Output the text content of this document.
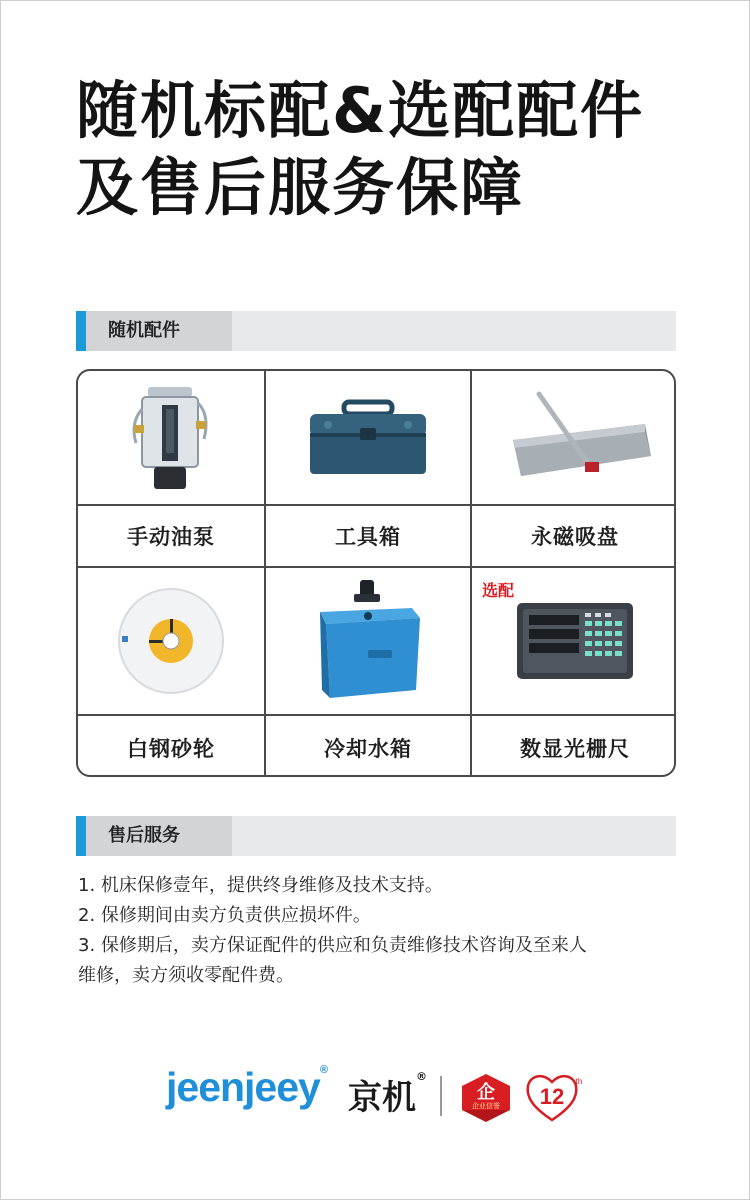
随机标配&选配配件
及售后服务保障
随机配件
手动油泵	工具箱	永磁吸盘
选配
白钢砂轮	冷却水箱	数显光栅尺
售后服务

1. 机床保修壹年，提供终身维修及技术支持。

2. 保修期间由卖方负责供应损坏件。

3. 保修期后，卖方保证配件的供应和负责维修技术咨询及至来人

维修，卖方须收零配件费。

jeenjeey®
京机®
企
企业信誉 12
th
